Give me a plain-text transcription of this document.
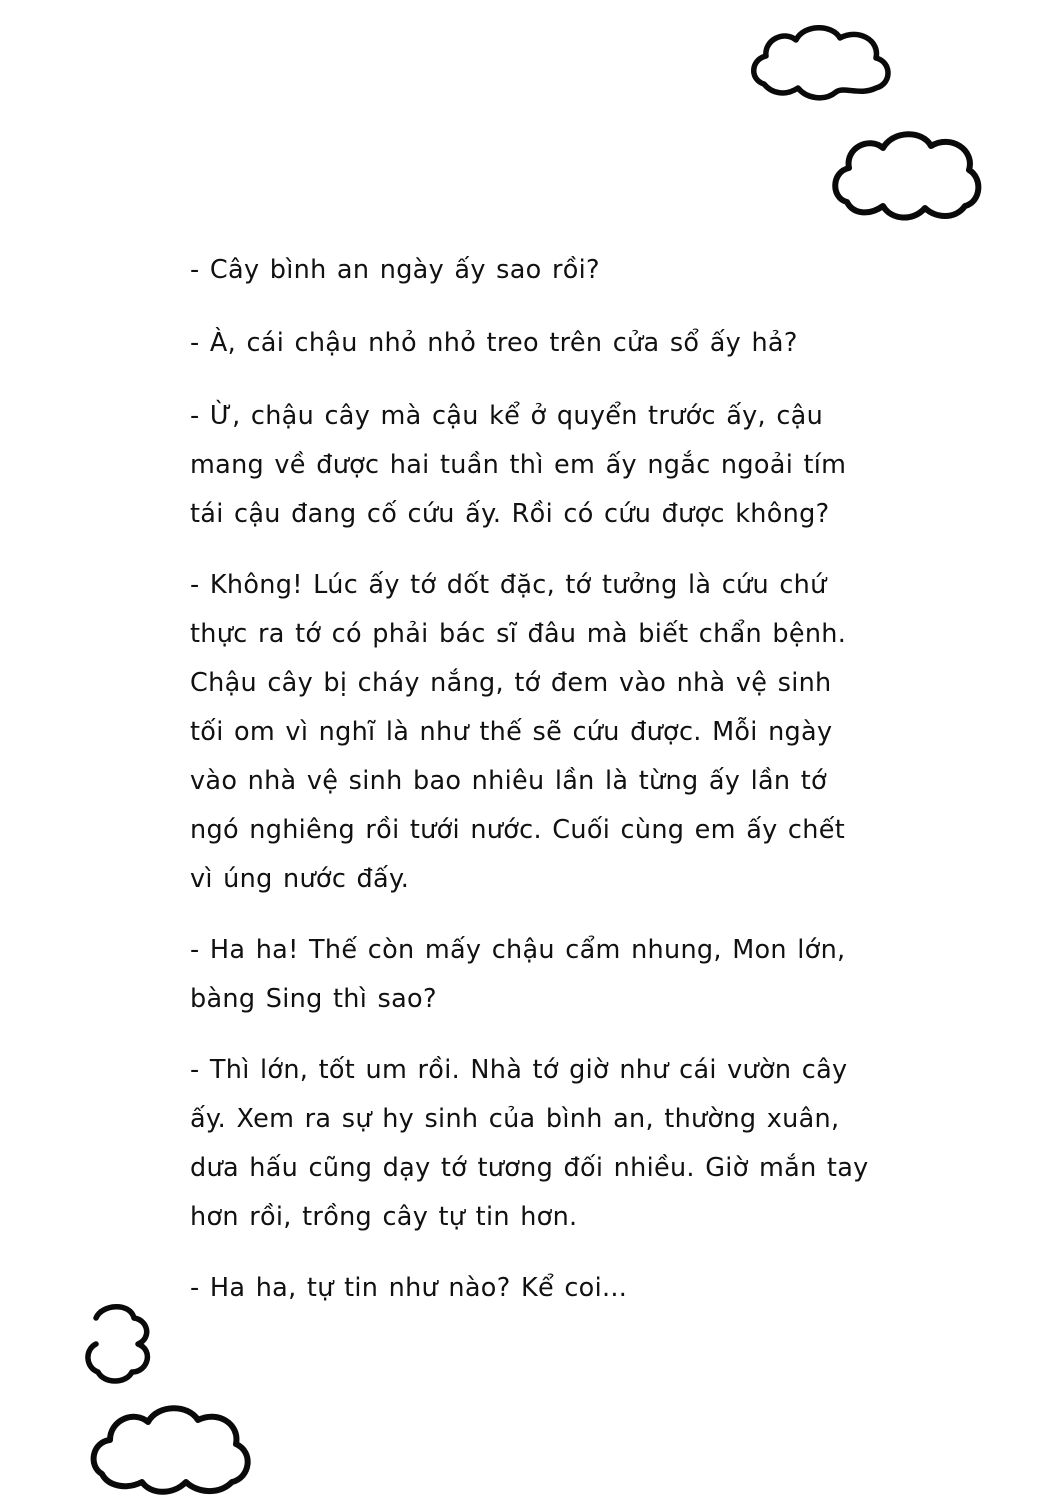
- Cây bình an ngày ấy sao rồi?

- À, cái chậu nhỏ nhỏ treo trên cửa sổ ấy hả?

- Ừ, chậu cây mà cậu kể ở quyển trước ấy, cậu mang về được hai tuần thì em ấy ngắc ngoải tím tái cậu đang cố cứu ấy. Rồi có cứu được không?

- Không! Lúc ấy tớ dốt đặc, tớ tưởng là cứu chứ thực ra tớ có phải bác sĩ đâu mà biết chẩn bệnh. Chậu cây bị cháy nắng, tớ đem vào nhà vệ sinh tối om vì nghĩ là như thế sẽ cứu được. Mỗi ngày vào nhà vệ sinh bao nhiêu lần là từng ấy lần tớ ngó nghiêng rồi tưới nước. Cuối cùng em ấy chết vì úng nước đấy.

- Ha ha! Thế còn mấy chậu cẩm nhung, Mon lớn, bàng Sing thì sao?

- Thì lớn, tốt um rồi. Nhà tớ giờ như cái vườn cây ấy. Xem ra sự hy sinh của bình an, thường xuân, dưa hấu cũng dạy tớ tương đối nhiều. Giờ mắn tay hơn rồi, trồng cây tự tin hơn.

- Ha ha, tự tin như nào? Kể coi...
